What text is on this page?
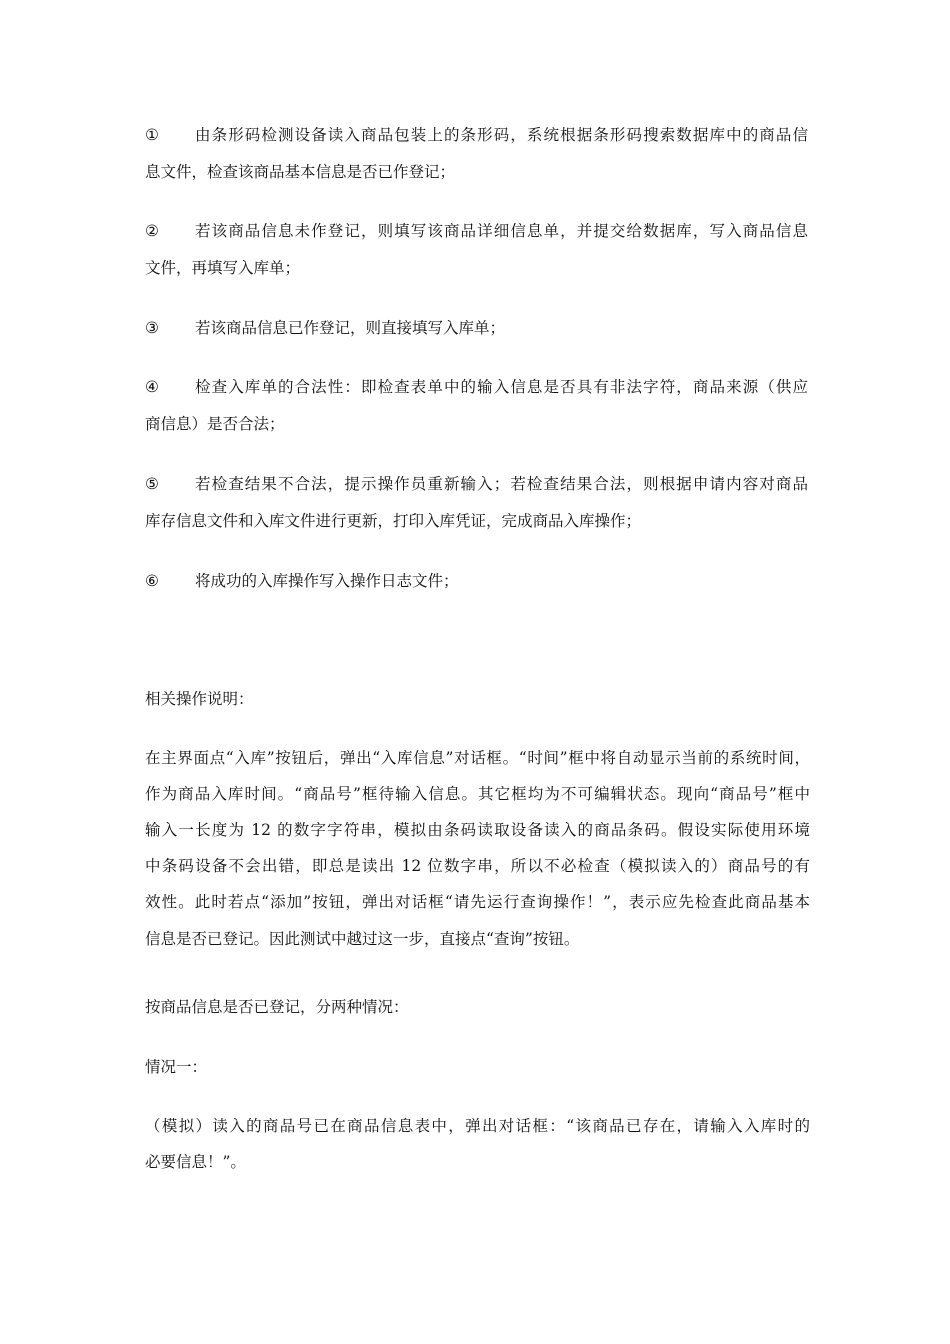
①	由条形码检测设备读入商品包装上的条形码，系统根据条形码搜索数据库中的商品信
息文件，检查该商品基本信息是否已作登记；
②	若该商品信息未作登记，则填写该商品详细信息单，并提交给数据库，写入商品信息
文件，再填写入库单；
③	若该商品信息已作登记，则直接填写入库单；
④	检查入库单的合法性：即检查表单中的输入信息是否具有非法字符，商品来源（供应
商信息）是否合法；
⑤	若检查结果不合法，提示操作员重新输入；若检查结果合法，则根据申请内容对商品
库存信息文件和入库文件进行更新，打印入库凭证，完成商品入库操作；
⑥	将成功的入库操作写入操作日志文件；
相关操作说明：
在主界面点“入库”按钮后，弹出“入库信息”对话框。“时间”框中将自动显示当前的系统时间，
作为商品入库时间。“商品号”框待输入信息。其它框均为不可编辑状态。现向“商品号”框中
输入一长度为 12 的数字字符串，模拟由条码读取设备读入的商品条码。假设实际使用环境
中条码设备不会出错，即总是读出 12 位数字串，所以不必检查（模拟读入的）商品号的有
效性。此时若点“添加”按钮，弹出对话框“请先运行查询操作！”，表示应先检查此商品基本
信息是否已登记。因此测试中越过这一步，直接点“查询”按钮。
按商品信息是否已登记，分两种情况：
情况一：
（模拟）读入的商品号已在商品信息表中，弹出对话框：“该商品已存在，请输入入库时的
必要信息！”。
